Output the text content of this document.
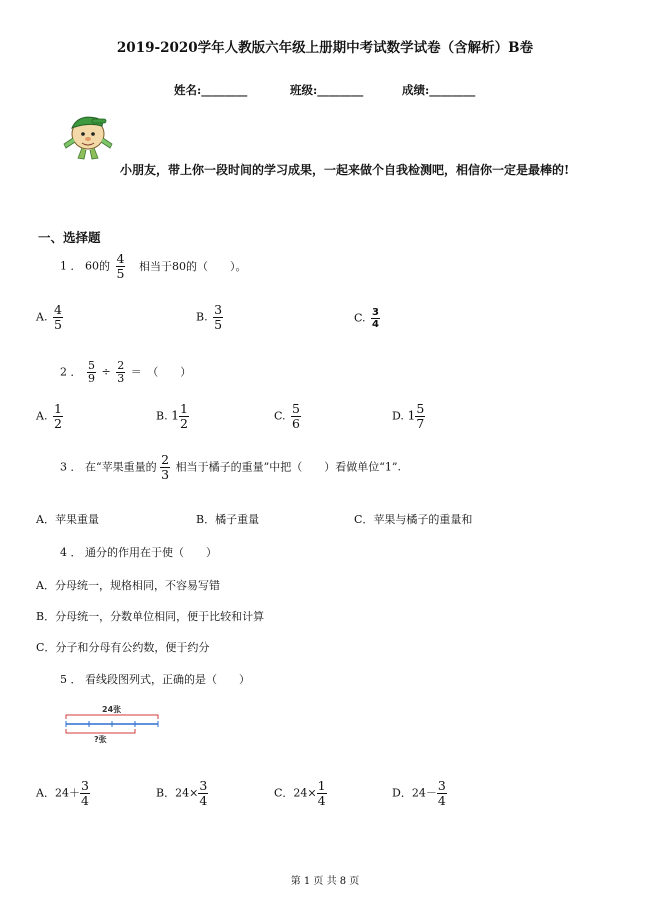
2019-2020学年人教版六年级上册期中考试数学试卷（含解析）B卷
姓名:________	班级:________	成绩:________
小朋友，带上你一段时间的学习成果，一起来做个自我检测吧，相信你一定是最棒的!
一、选择题
1 ． 60的 $\frac{4}{5}$ 相当于80的（　　）。
A. $\frac{4}{5}$	B. $\frac{3}{5}$	C. $\frac{3}{4}$
2 ． $\frac{5}{9} \div \frac{2}{3}$ ＝　（　　）
A. $\frac{1}{2}$	B. $1 \frac{1}{2}$	C. $\frac{5}{6}$	D. $1 \frac{5}{7}$
3 ． 在“苹果重量的 $\frac{2}{3}$ 相当于橘子的重量”中把（　　）看做单位“1”.
A．苹果重量	B．橘子重量	C．苹果与橘子的重量和
4 ． 通分的作用在于使（　　）
A．分母统一，规格相同，不容易写错
B．分母统一，分数单位相同，便于比较和计算
C．分子和分母有公约数，便于约分
5 ． 看线段图列式，正确的是（　　）
24张
?张
A．$24+ \frac{3}{4}$	B．$24\times \frac{3}{4}$	C．$24\times \frac{1}{4}$	D．$24- \frac{3}{4}$
第 1 页 共 8 页
